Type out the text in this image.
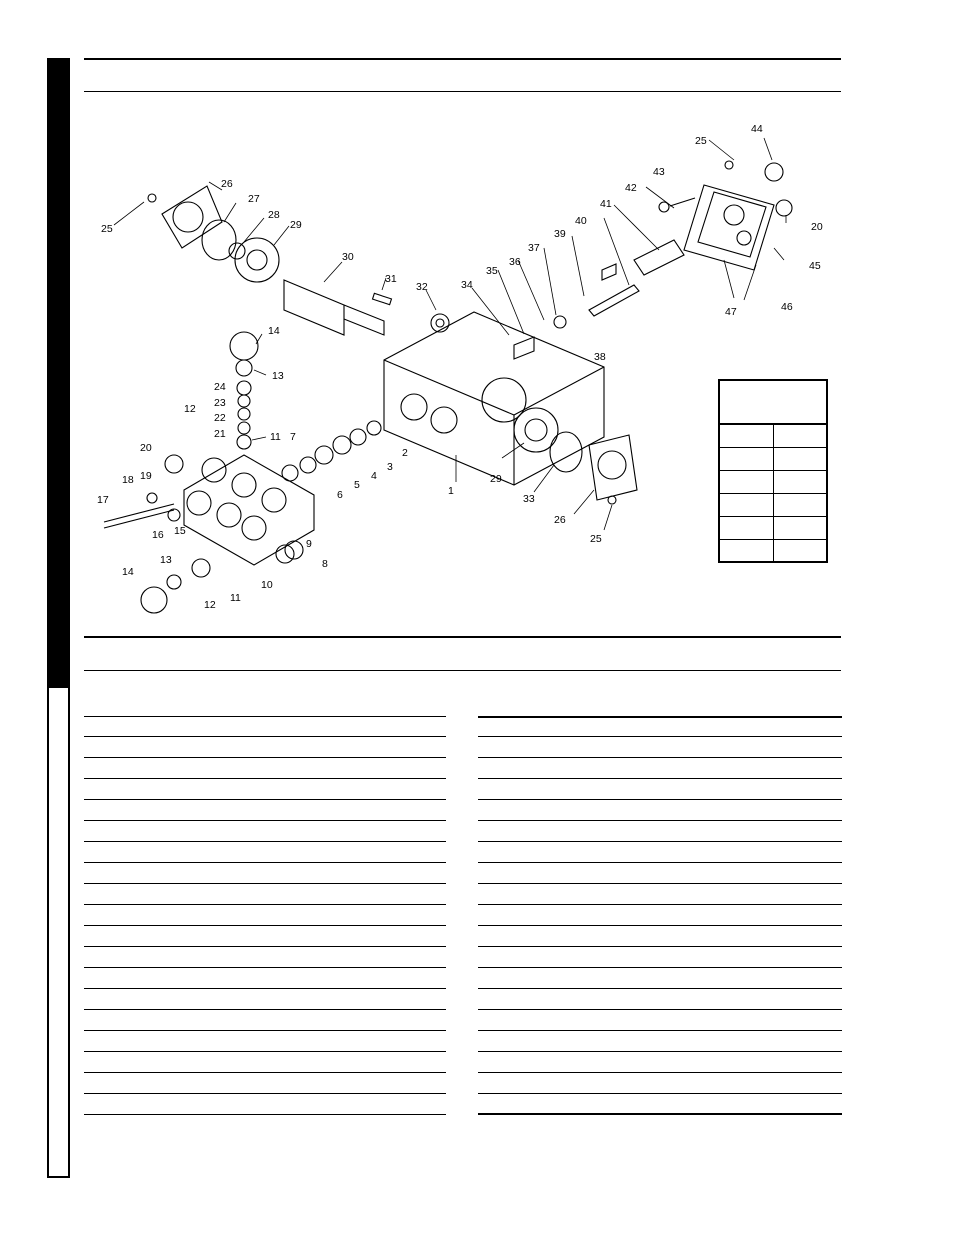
1
2
3
4
5
6
7
8
9
10
11
12
13
14
15
16
17
18 19
20
21
22
23
24
25
26
27
28
29
30
31
32
33
34
35
36
37
38
39
40
41
42
43
44
45
46
47
12
14
13
11
20
25
29
26
25
